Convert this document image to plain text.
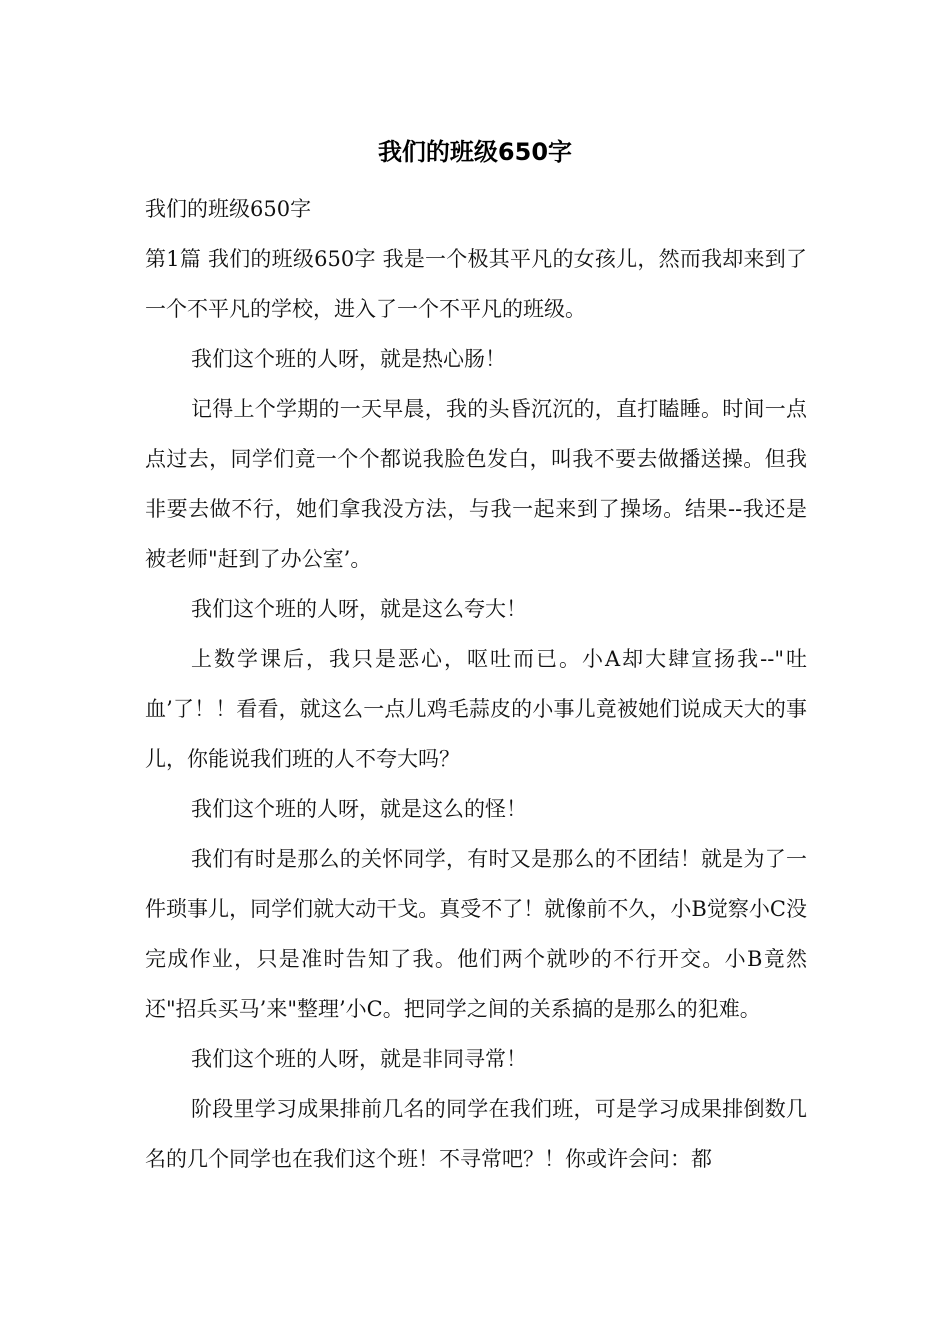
我们的班级650字

我们的班级650字

第1篇 我们的班级650字 我是一个极其平凡的女孩儿，然而我却来到了一个不平凡的学校，进入了一个不平凡的班级。

我们这个班的人呀，就是热心肠！

记得上个学期的一天早晨，我的头昏沉沉的，直打瞌睡。时间一点点过去，同学们竟一个个都说我脸色发白，叫我不要去做播送操。但我非要去做不行，她们拿我没方法，与我一起来到了操场。结果--我还是被老师"赶到了办公室’。

我们这个班的人呀，就是这么夸大！

上数学课后，我只是恶心，呕吐而已。小A却大肆宣扬我--"吐血’了！！看看，就这么一点儿鸡毛蒜皮的小事儿竟被她们说成天大的事儿，你能说我们班的人不夸大吗？

我们这个班的人呀，就是这么的怪！

我们有时是那么的关怀同学，有时又是那么的不团结！就是为了一件琐事儿，同学们就大动干戈。真受不了！就像前不久，小B觉察小C没完成作业，只是准时告知了我。他们两个就吵的不行开交。小B竟然还"招兵买马’来"整理’小C。把同学之间的关系搞的是那么的犯难。

我们这个班的人呀，就是非同寻常！

阶段里学习成果排前几名的同学在我们班，可是学习成果排倒数几名的几个同学也在我们这个班！不寻常吧？！你或许会问：都
